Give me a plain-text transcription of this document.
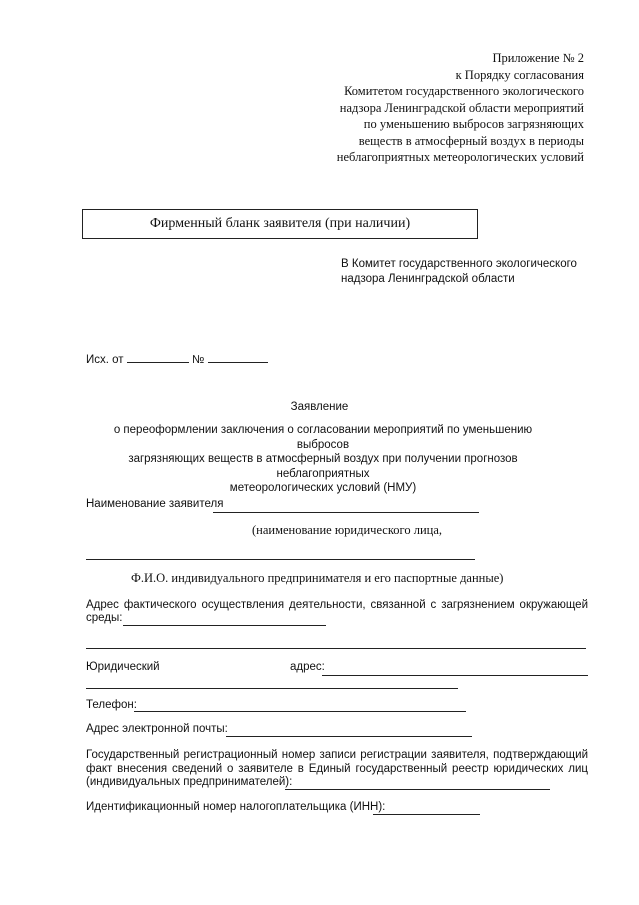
Приложение № 2
к Порядку согласования
Комитетом государственного экологического
надзора Ленинградской области мероприятий
по уменьшению выбросов загрязняющих
веществ в атмосферный воздух в периоды
неблагоприятных метеорологических условий
Фирменный бланк заявителя (при наличии)
В Комитет государственного экологического
надзора Ленинградской области
Исх. от	№
Заявление
о переоформлении заключения о согласовании мероприятий по уменьшению выбросов
загрязняющих веществ в атмосферный воздух при получении прогнозов неблагоприятных
метеорологических условий (НМУ)
Наименование заявителя
(наименование юридического лица,
Ф.И.О. индивидуального предпринимателя и его паспортные данные)
Адрес фактического осуществления деятельности, связанной с загрязнением окружающей
среды:
Юридический	адрес:
Телефон:
Адрес электронной почты:
Государственный регистрационный номер записи регистрации заявителя, подтверждающий
факт внесения сведений о заявителе в Единый государственный реестр юридических лиц
(индивидуальных предпринимателей):
Идентификационный номер налогоплательщика (ИНН):
